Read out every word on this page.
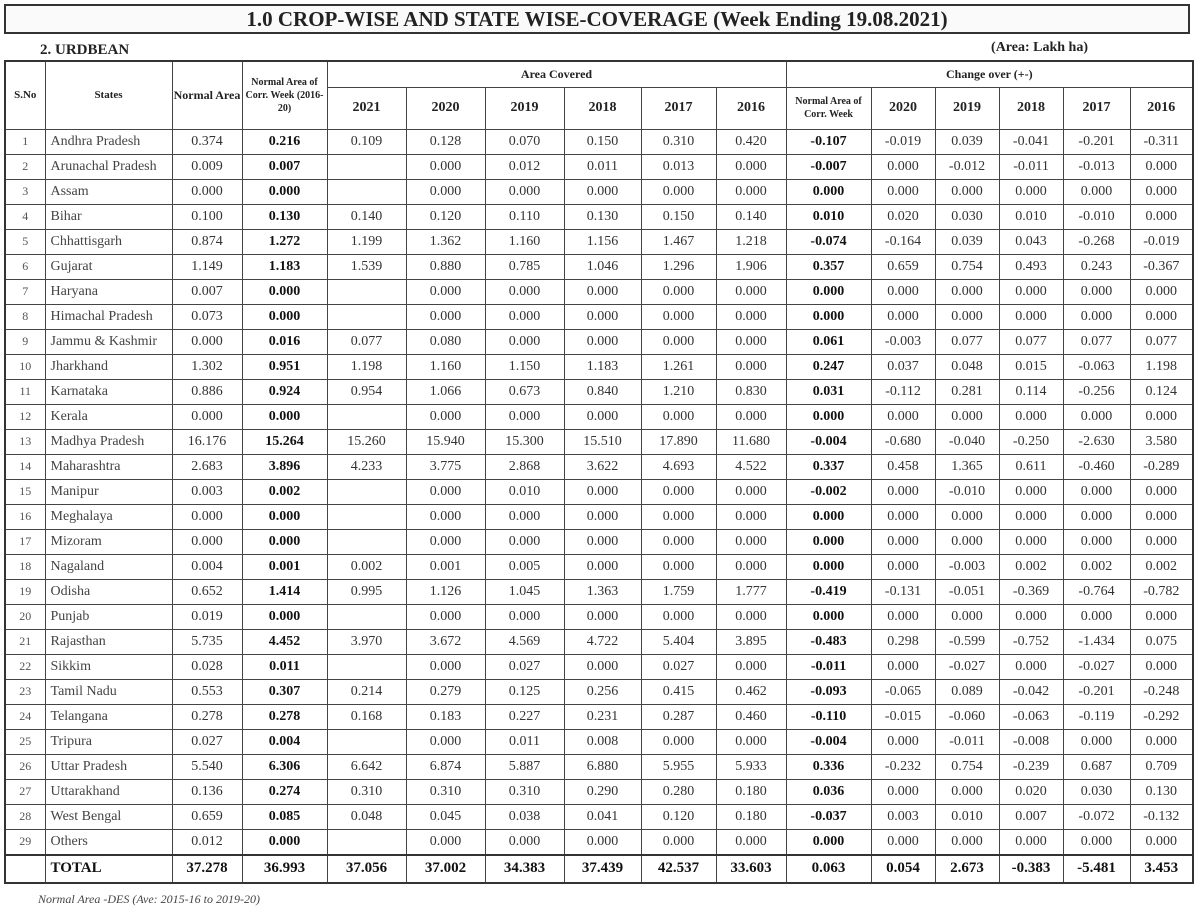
1.0 CROP-WISE AND STATE WISE-COVERAGE (Week Ending 19.08.2021)
2. URDBEAN	(Area: Lakh ha)
S.No	States	Normal Area	Normal Area of Corr. Week (2016-20)	Area Covered						Change over (+-)					
				2021	2020	2019	2018	2017	2016	Normal Area of Corr. Week	2020	2019	2018	2017	2016
1	Andhra Pradesh	0.374	0.216	0.109	0.128	0.070	0.150	0.310	0.420	-0.107	-0.019	0.039	-0.041	-0.201	-0.311
2	Arunachal Pradesh	0.009	0.007		0.000	0.012	0.011	0.013	0.000	-0.007	0.000	-0.012	-0.011	-0.013	0.000
3	Assam	0.000	0.000		0.000	0.000	0.000	0.000	0.000	0.000	0.000	0.000	0.000	0.000	0.000
4	Bihar	0.100	0.130	0.140	0.120	0.110	0.130	0.150	0.140	0.010	0.020	0.030	0.010	-0.010	0.000
5	Chhattisgarh	0.874	1.272	1.199	1.362	1.160	1.156	1.467	1.218	-0.074	-0.164	0.039	0.043	-0.268	-0.019
6	Gujarat	1.149	1.183	1.539	0.880	0.785	1.046	1.296	1.906	0.357	0.659	0.754	0.493	0.243	-0.367
7	Haryana	0.007	0.000		0.000	0.000	0.000	0.000	0.000	0.000	0.000	0.000	0.000	0.000	0.000
8	Himachal Pradesh	0.073	0.000		0.000	0.000	0.000	0.000	0.000	0.000	0.000	0.000	0.000	0.000	0.000
9	Jammu & Kashmir	0.000	0.016	0.077	0.080	0.000	0.000	0.000	0.000	0.061	-0.003	0.077	0.077	0.077	0.077
10	Jharkhand	1.302	0.951	1.198	1.160	1.150	1.183	1.261	0.000	0.247	0.037	0.048	0.015	-0.063	1.198
11	Karnataka	0.886	0.924	0.954	1.066	0.673	0.840	1.210	0.830	0.031	-0.112	0.281	0.114	-0.256	0.124
12	Kerala	0.000	0.000		0.000	0.000	0.000	0.000	0.000	0.000	0.000	0.000	0.000	0.000	0.000
13	Madhya Pradesh	16.176	15.264	15.260	15.940	15.300	15.510	17.890	11.680	-0.004	-0.680	-0.040	-0.250	-2.630	3.580
14	Maharashtra	2.683	3.896	4.233	3.775	2.868	3.622	4.693	4.522	0.337	0.458	1.365	0.611	-0.460	-0.289
15	Manipur	0.003	0.002		0.000	0.010	0.000	0.000	0.000	-0.002	0.000	-0.010	0.000	0.000	0.000
16	Meghalaya	0.000	0.000		0.000	0.000	0.000	0.000	0.000	0.000	0.000	0.000	0.000	0.000	0.000
17	Mizoram	0.000	0.000		0.000	0.000	0.000	0.000	0.000	0.000	0.000	0.000	0.000	0.000	0.000
18	Nagaland	0.004	0.001	0.002	0.001	0.005	0.000	0.000	0.000	0.000	0.000	-0.003	0.002	0.002	0.002
19	Odisha	0.652	1.414	0.995	1.126	1.045	1.363	1.759	1.777	-0.419	-0.131	-0.051	-0.369	-0.764	-0.782
20	Punjab	0.019	0.000		0.000	0.000	0.000	0.000	0.000	0.000	0.000	0.000	0.000	0.000	0.000
21	Rajasthan	5.735	4.452	3.970	3.672	4.569	4.722	5.404	3.895	-0.483	0.298	-0.599	-0.752	-1.434	0.075
22	Sikkim	0.028	0.011		0.000	0.027	0.000	0.027	0.000	-0.011	0.000	-0.027	0.000	-0.027	0.000
23	Tamil Nadu	0.553	0.307	0.214	0.279	0.125	0.256	0.415	0.462	-0.093	-0.065	0.089	-0.042	-0.201	-0.248
24	Telangana	0.278	0.278	0.168	0.183	0.227	0.231	0.287	0.460	-0.110	-0.015	-0.060	-0.063	-0.119	-0.292
25	Tripura	0.027	0.004		0.000	0.011	0.008	0.000	0.000	-0.004	0.000	-0.011	-0.008	0.000	0.000
26	Uttar Pradesh	5.540	6.306	6.642	6.874	5.887	6.880	5.955	5.933	0.336	-0.232	0.754	-0.239	0.687	0.709
27	Uttarakhand	0.136	0.274	0.310	0.310	0.310	0.290	0.280	0.180	0.036	0.000	0.000	0.020	0.030	0.130
28	West Bengal	0.659	0.085	0.048	0.045	0.038	0.041	0.120	0.180	-0.037	0.003	0.010	0.007	-0.072	-0.132
29	Others	0.012	0.000		0.000	0.000	0.000	0.000	0.000	0.000	0.000	0.000	0.000	0.000	0.000
	TOTAL	37.278	36.993	37.056	37.002	34.383	37.439	42.537	33.603	0.063	0.054	2.673	-0.383	-5.481	3.453
Normal Area -DES (Ave: 2015-16 to 2019-20)
